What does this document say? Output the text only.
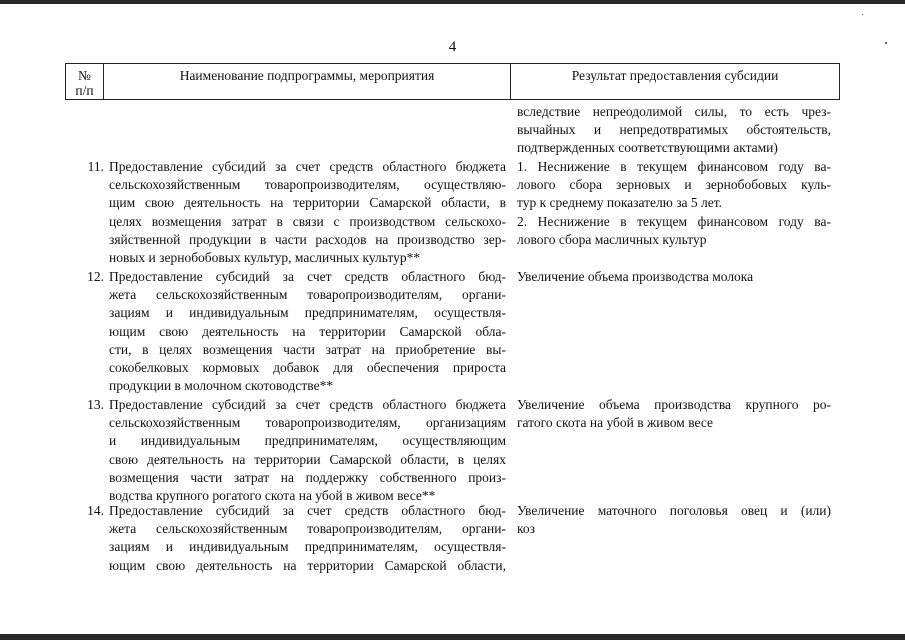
4
№
п/п
Наименование подпрограммы, мероприятия	Результат предоставления субсидии
вследствие непреодолимой силы, то есть чрез-
вычайных и непредотвратимых обстоятельств,
подтвержденных соответствующими актами)
11. Предоставление субсидий за счет средств областного бюджета
сельскохозяйственным товаропроизводителям, осуществляю-
щим свою деятельность на территории Самарской области, в
целях возмещения затрат в связи с производством сельскохо-
зяйственной продукции в части расходов на производство зер-
новых и зернобобовых культур, масличных культур**
1. Неснижение в текущем финансовом году ва-
лового сбора зерновых и зернобобовых куль-
тур к среднему показателю за 5 лет.
2. Неснижение в текущем финансовом году ва-
лового сбора масличных культур
12. Предоставление субсидий за счет средств областного бюд-
жета сельскохозяйственным товаропроизводителям, органи-
зациям и индивидуальным предпринимателям, осуществля-
ющим свою деятельность на территории Самарской обла-
сти, в целях возмещения части затрат на приобретение вы-
сокобелковых кормовых добавок для обеспечения прироста
продукции в молочном скотоводстве**
Увеличение объема производства молока
13. Предоставление субсидий за счет средств областного бюджета
сельскохозяйственным товаропроизводителям, организациям
и индивидуальным предпринимателям, осуществляющим
свою деятельность на территории Самарской области, в целях
возмещения части затрат на поддержку собственного произ-
водства крупного рогатого скота на убой в живом весе**
Увеличение объема производства крупного ро-
гатого скота на убой в живом весе
14. Предоставление субсидий за счет средств областного бюд-
жета сельскохозяйственным товаропроизводителям, органи-
зациям и индивидуальным предпринимателям, осуществля-
ющим свою деятельность на территории Самарской области,
Увеличение маточного поголовья овец и (или)
коз
